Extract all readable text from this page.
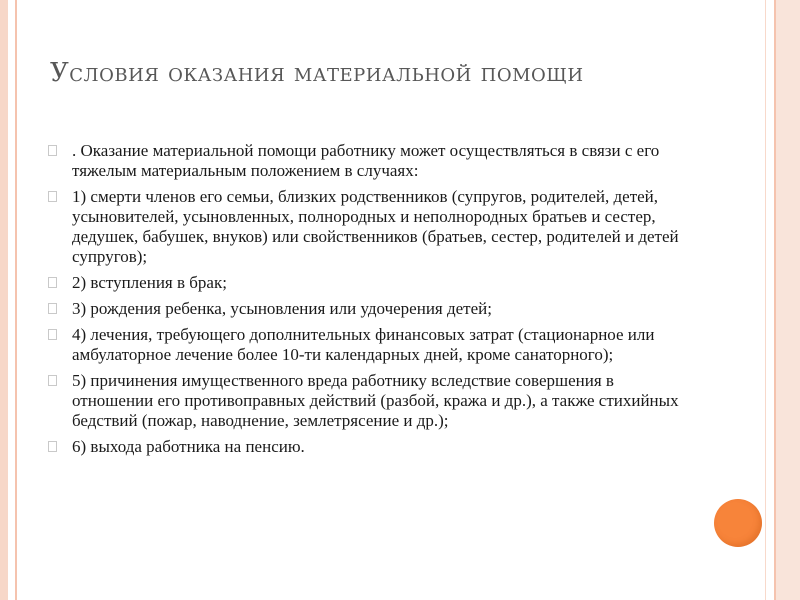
Условия оказания материальной помощи
. Оказание материальной помощи работнику может осуществляться в связи с его тяжелым материальным положением в случаях:
1) смерти членов его семьи, близких родственников (супругов, родителей, детей, усыновителей, усыновленных, полнородных и неполнородных братьев и сестер, дедушек, бабушек, внуков) или свойственников (братьев, сестер, родителей и детей супругов);
2) вступления в брак;
3) рождения ребенка, усыновления или удочерения детей;
4) лечения, требующего дополнительных финансовых затрат (стационарное или амбулаторное лечение более 10-ти календарных дней, кроме санаторного);
5) причинения имущественного вреда работнику вследствие совершения в отношении его противоправных действий (разбой, кража и др.), а также стихийных бедствий (пожар, наводнение, землетрясение и др.);
6) выхода работника на пенсию.
